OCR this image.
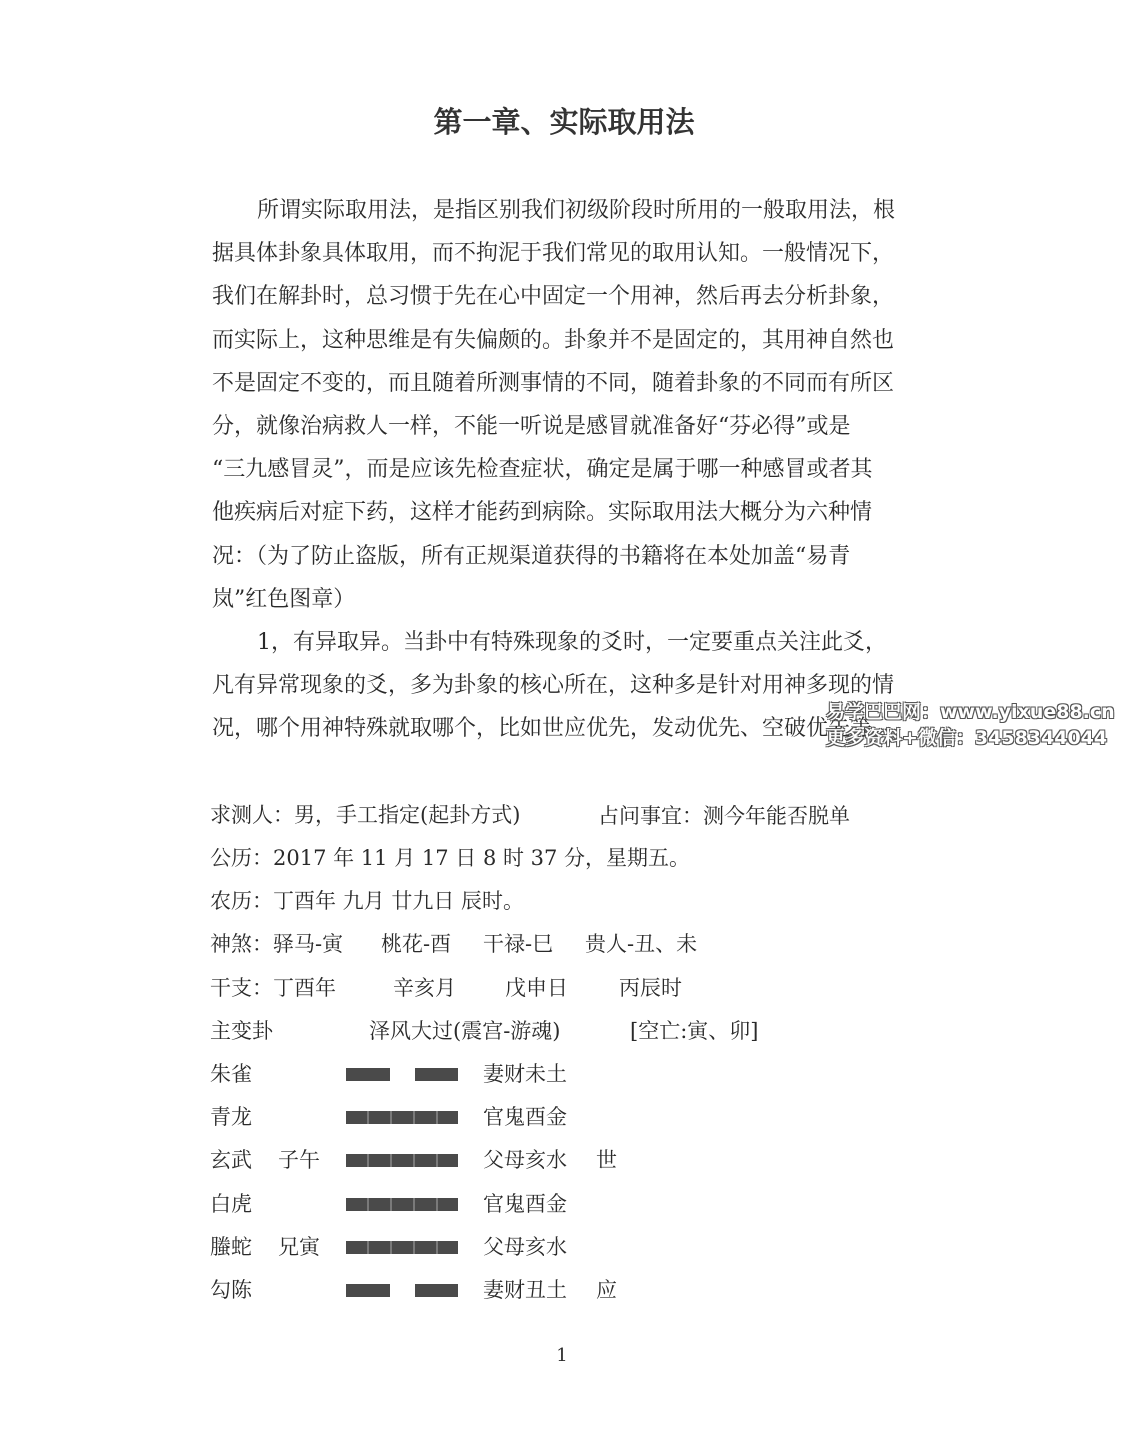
第一章、实际取用法
所谓实际取用法，是指区别我们初级阶段时所用的一般取用法，根
据具体卦象具体取用，而不拘泥于我们常见的取用认知。一般情况下，
我们在解卦时，总习惯于先在心中固定一个用神，然后再去分析卦象，
而实际上，这种思维是有失偏颇的。卦象并不是固定的，其用神自然也
不是固定不变的，而且随着所测事情的不同，随着卦象的不同而有所区
分，就像治病救人一样，不能一听说是感冒就准备好“芬必得”或是
“三九感冒灵”，而是应该先检查症状，确定是属于哪一种感冒或者其
他疾病后对症下药，这样才能药到病除。实际取用法大概分为六种情
况：（为了防止盗版，所有正规渠道获得的书籍将在本处加盖“易青
岚”红色图章）
1，有异取异。当卦中有特殊现象的爻时，一定要重点关注此爻，
凡有异常现象的爻，多为卦象的核心所在，这种多是针对用神多现的情
况，哪个用神特殊就取哪个，比如世应优先，发动优先、空破优先等。
求测人：男，手工指定(起卦方式)	占问事宜：测今年能否脱单
公历：2017 年 11 月 17 日 8 时 37 分，星期五。
农历：丁酉年 九月 廿九日 辰时。
神煞：驿马-寅 桃花-酉 干禄-巳 贵人-丑、未
干支：丁酉年	辛亥月 戊申日 丙辰时
主变卦	泽风大过(震宫-游魂)	[空亡:寅、卯]
朱雀	妻财未土
青龙	官鬼酉金
玄武 子午	父母亥水 世
白虎	官鬼酉金
螣蛇 兄寅	父母亥水
勾陈	妻财丑土 应
易学巴巴网：www.yixue88.cn
更多资料+微信：3458344044
1
